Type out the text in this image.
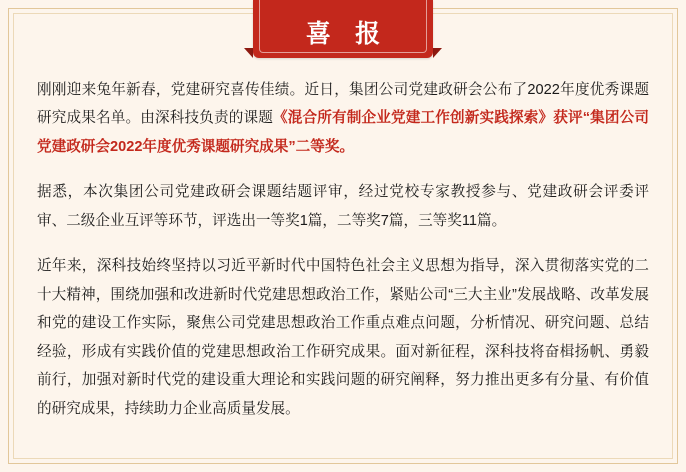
喜 报

刚刚迎来兔年新春，党建研究喜传佳绩。近日，集团公司党建政研会公布了2022年度优秀课题研究成果名单。由深科技负责的课题《混合所有制企业党建工作创新实践探索》获评“集团公司党建政研会2022年度优秀课题研究成果”二等奖。

据悉，本次集团公司党建政研会课题结题评审，经过党校专家教授参与、党建政研会评委评审、二级企业互评等环节，评选出一等奖1篇，二等奖7篇，三等奖11篇。

近年来，深科技始终坚持以习近平新时代中国特色社会主义思想为指导，深入贯彻落实党的二十大精神，围绕加强和改进新时代党建思想政治工作，紧贴公司“三大主业”发展战略、改革发展和党的建设工作实际，聚焦公司党建思想政治工作重点难点问题，分析情况、研究问题、总结经验，形成有实践价值的党建思想政治工作研究成果。面对新征程，深科技将奋楫扬帆、勇毅前行，加强对新时代党的建设重大理论和实践问题的研究阐释，努力推出更多有分量、有价值的研究成果，持续助力企业高质量发展。
